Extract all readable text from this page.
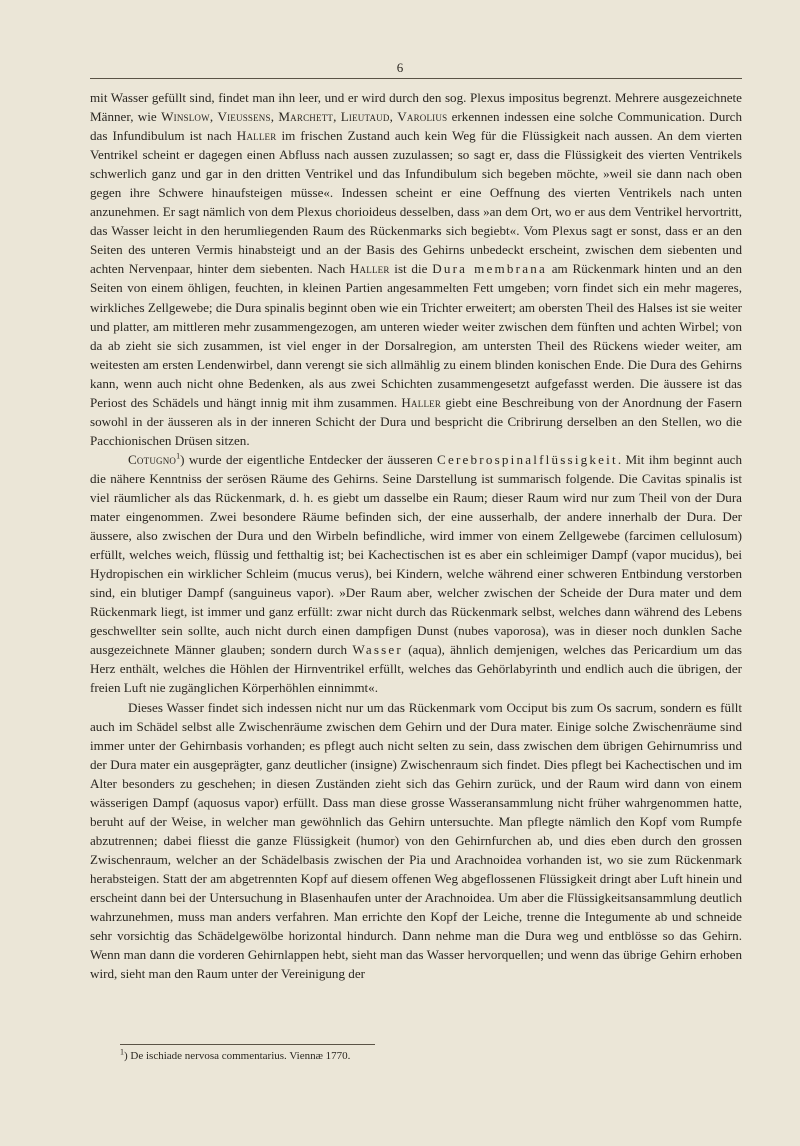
6

mit Wasser gefüllt sind, findet man ihn leer, und er wird durch den sog. Plexus impositus begrenzt. Mehrere ausgezeichnete Männer, wie Winslow, Vieussens, Marchett, Lieutaud, Varolius erkennen indessen eine solche Communication. Durch das Infundibulum ist nach Haller im frischen Zustand auch kein Weg für die Flüssigkeit nach aussen. An dem vierten Ventrikel scheint er dagegen einen Abfluss nach aussen zuzulassen; so sagt er, dass die Flüssigkeit des vierten Ventrikels schwerlich ganz und gar in den dritten Ventrikel und das Infundibulum sich begeben möchte, »weil sie dann nach oben gegen ihre Schwere hinaufsteigen müsse«. Indessen scheint er eine Oeffnung des vierten Ventrikels nach unten anzunehmen. Er sagt nämlich von dem Plexus chorioideus desselben, dass »an dem Ort, wo er aus dem Ventrikel hervortritt, das Wasser leicht in den herumliegenden Raum des Rückenmarks sich begiebt«. Vom Plexus sagt er sonst, dass er an den Seiten des unteren Vermis hinabsteigt und an der Basis des Gehirns unbedeckt erscheint, zwischen dem siebenten und achten Nervenpaar, hinter dem siebenten. Nach Haller ist die Dura membrana am Rückenmark hinten und an den Seiten von einem öhligen, feuchten, in kleinen Partien angesammelten Fett umgeben; vorn findet sich ein mehr mageres, wirkliches Zellgewebe; die Dura spinalis beginnt oben wie ein Trichter erweitert; am obersten Theil des Halses ist sie weiter und platter, am mittleren mehr zusammengezogen, am unteren wieder weiter zwischen dem fünften und achten Wirbel; von da ab zieht sie sich zusammen, ist viel enger in der Dorsalregion, am untersten Theil des Rückens wieder weiter, am weitesten am ersten Lendenwirbel, dann verengt sie sich allmählig zu einem blinden konischen Ende. Die Dura des Gehirns kann, wenn auch nicht ohne Bedenken, als aus zwei Schichten zusammengesetzt aufgefasst werden. Die äussere ist das Periost des Schädels und hängt innig mit ihm zusammen. Haller giebt eine Beschreibung von der Anordnung der Fasern sowohl in der äusseren als in der inneren Schicht der Dura und bespricht die Cribrirung derselben an den Stellen, wo die Pacchionischen Drüsen sitzen.

Cotugno$^1$) wurde der eigentliche Entdecker der äusseren Cerebrospinalflüssigkeit. Mit ihm beginnt auch die nähere Kenntniss der serösen Räume des Gehirns. Seine Darstellung ist summarisch folgende. Die Cavitas spinalis ist viel räumlicher als das Rückenmark, d. h. es giebt um dasselbe ein Raum; dieser Raum wird nur zum Theil von der Dura mater eingenommen. Zwei besondere Räume befinden sich, der eine ausserhalb, der andere innerhalb der Dura. Der äussere, also zwischen der Dura und den Wirbeln befindliche, wird immer von einem Zellgewebe (farcimen cellulosum) erfüllt, welches weich, flüssig und fetthaltig ist; bei Kachectischen ist es aber ein schleimiger Dampf (vapor mucidus), bei Hydropischen ein wirklicher Schleim (mucus verus), bei Kindern, welche während einer schweren Entbindung verstorben sind, ein blutiger Dampf (sanguineus vapor). »Der Raum aber, welcher zwischen der Scheide der Dura mater und dem Rückenmark liegt, ist immer und ganz erfüllt: zwar nicht durch das Rückenmark selbst, welches dann während des Lebens geschwellter sein sollte, auch nicht durch einen dampfigen Dunst (nubes vaporosa), was in dieser noch dunklen Sache ausgezeichnete Männer glauben; sondern durch Wasser (aqua), ähnlich demjenigen, welches das Pericardium um das Herz enthält, welches die Höhlen der Hirnventrikel erfüllt, welches das Gehörlabyrinth und endlich auch die übrigen, der freien Luft nie zugänglichen Körperhöhlen einnimmt«.

Dieses Wasser findet sich indessen nicht nur um das Rückenmark vom Occiput bis zum Os sacrum, sondern es füllt auch im Schädel selbst alle Zwischenräume zwischen dem Gehirn und der Dura mater. Einige solche Zwischenräume sind immer unter der Gehirnbasis vorhanden; es pflegt auch nicht selten zu sein, dass zwischen dem übrigen Gehirnumriss und der Dura mater ein ausgeprägter, ganz deutlicher (insigne) Zwischenraum sich findet. Dies pflegt bei Kachectischen und im Alter besonders zu geschehen; in diesen Zuständen zieht sich das Gehirn zurück, und der Raum wird dann von einem wässerigen Dampf (aquosus vapor) erfüllt. Dass man diese grosse Wasseransammlung nicht früher wahrgenommen hatte, beruht auf der Weise, in welcher man gewöhnlich das Gehirn untersuchte. Man pflegte nämlich den Kopf vom Rumpfe abzutrennen; dabei fliesst die ganze Flüssigkeit (humor) von den Gehirnfurchen ab, und dies eben durch den grossen Zwischenraum, welcher an der Schädelbasis zwischen der Pia und Arachnoidea vorhanden ist, wo sie zum Rückenmark herabsteigen. Statt der am abgetrennten Kopf auf diesem offenen Weg abgeflossenen Flüssigkeit dringt aber Luft hinein und erscheint dann bei der Untersuchung in Blasenhaufen unter der Arachnoidea. Um aber die Flüssigkeitsansammlung deutlich wahrzunehmen, muss man anders verfahren. Man errichte den Kopf der Leiche, trenne die Integumente ab und schneide sehr vorsichtig das Schädelgewölbe horizontal hindurch. Dann nehme man die Dura weg und entblösse so das Gehirn. Wenn man dann die vorderen Gehirnlappen hebt, sieht man das Wasser hervorquellen; und wenn das übrige Gehirn erhoben wird, sieht man den Raum unter der Vereinigung der

$^1$) De ischiade nervosa commentarius. Viennæ 1770.
